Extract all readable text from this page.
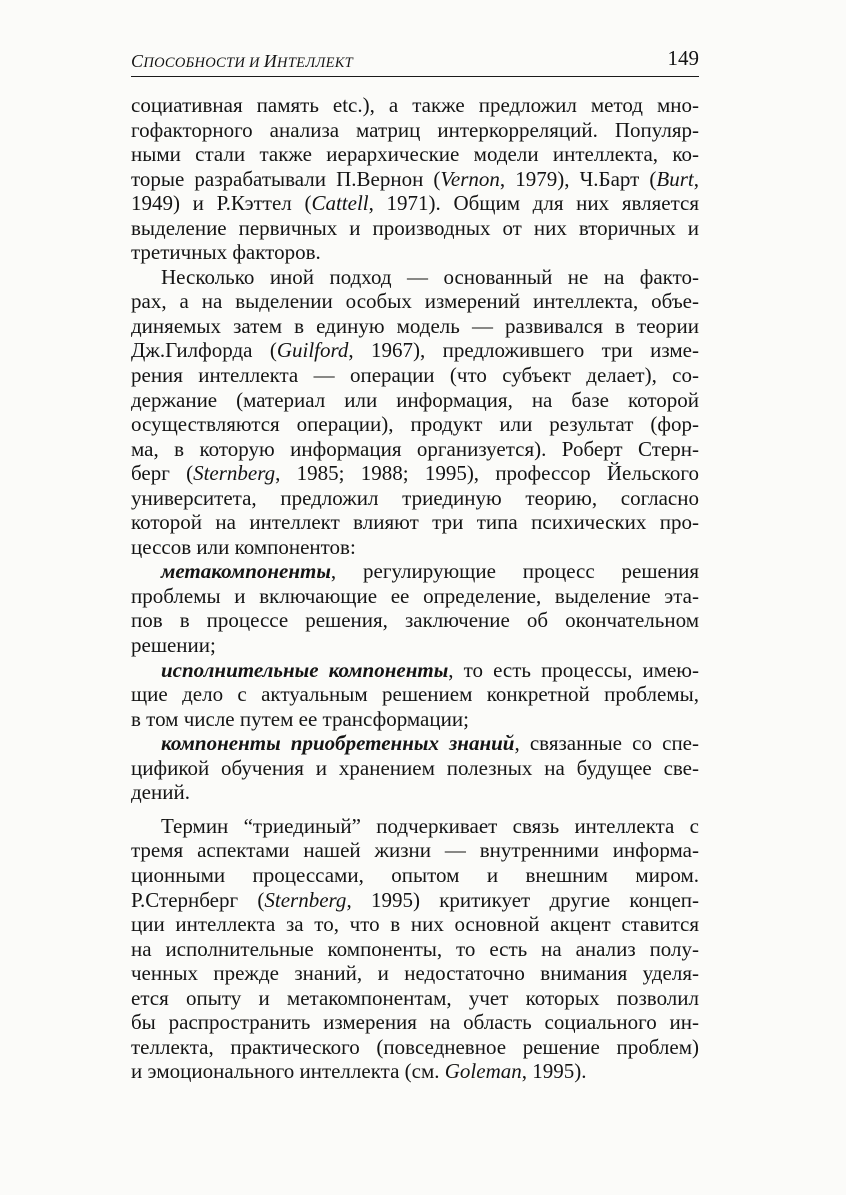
СПОСОБНОСТИ И ИНТЕЛЛЕКТ	149
социативная память etc.), а также предложил метод мно-
гофакторного анализа матриц интеркорреляций. Популяр-
ными стали также иерархические модели интеллекта, ко-
торые разрабатывали П.Вернон (Vernon, 1979), Ч.Барт (Burt,
1949) и Р.Кэттел (Cattell, 1971). Общим для них является
выделение первичных и производных от них вторичных и
третичных факторов.
Несколько иной подход — основанный не на факто-
рах, а на выделении особых измерений интеллекта, объе-
диняемых затем в единую модель — развивался в теории
Дж.Гилфорда (Guilford, 1967), предложившего три изме-
рения интеллекта — операции (что субъект делает), со-
держание (материал или информация, на базе которой
осуществляются операции), продукт или результат (фор-
ма, в которую информация организуется). Роберт Стерн-
берг (Sternberg, 1985; 1988; 1995), профессор Йельского
университета, предложил триединую теорию, согласно
которой на интеллект влияют три типа психических про-
цессов или компонентов:
метакомпоненты, регулирующие процесс решения
проблемы и включающие ее определение, выделение эта-
пов в процессе решения, заключение об окончательном
решении;
исполнительные компоненты, то есть процессы, имею-
щие дело с актуальным решением конкретной проблемы,
в том числе путем ее трансформации;
компоненты приобретенных знаний, связанные со спе-
цификой обучения и хранением полезных на будущее све-
дений.
Термин “триединый” подчеркивает связь интеллекта с
тремя аспектами нашей жизни — внутренними информа-
ционными процессами, опытом и внешним миром.
Р.Стернберг (Sternberg, 1995) критикует другие концеп-
ции интеллекта за то, что в них основной акцент ставится
на исполнительные компоненты, то есть на анализ полу-
ченных прежде знаний, и недостаточно внимания уделя-
ется опыту и метакомпонентам, учет которых позволил
бы распространить измерения на область социального ин-
теллекта, практического (повседневное решение проблем)
и эмоционального интеллекта (см. Goleman, 1995).
